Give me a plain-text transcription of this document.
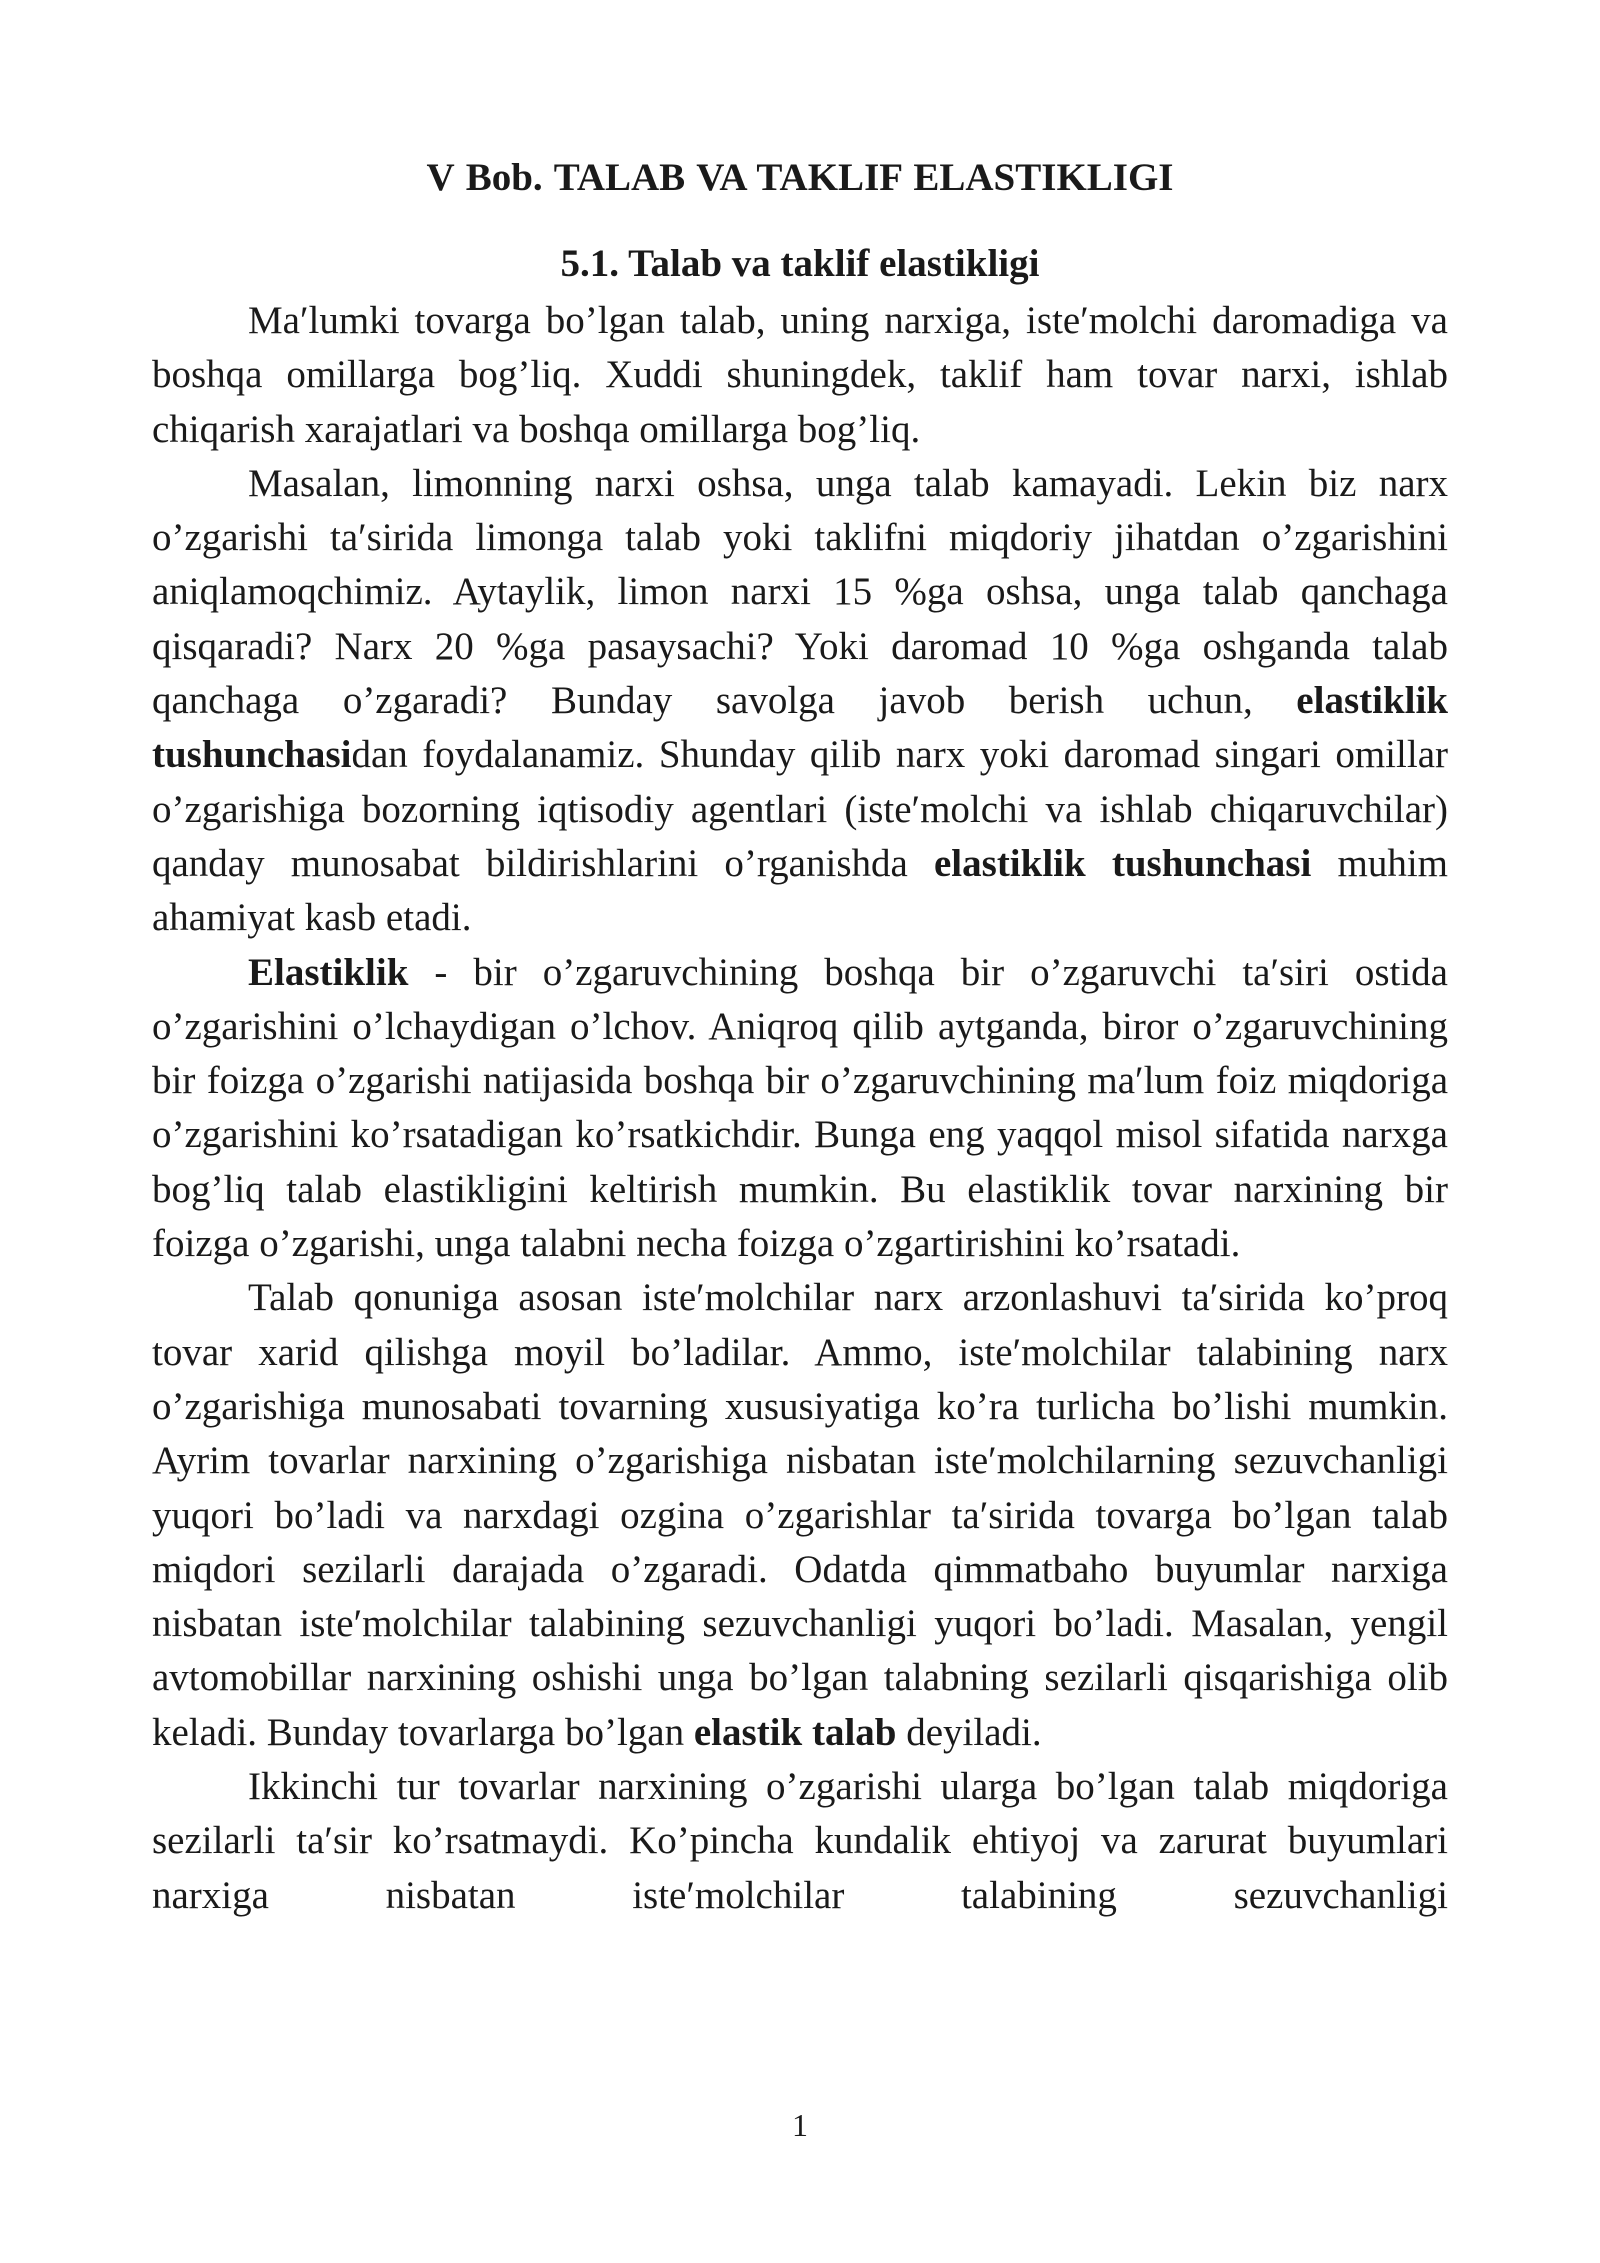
V Bob. TALAB VA TAKLIF ELASTIKLIGI
5.1. Talab va taklif elastikligi

Ma′lumki tovarga bo’lgan talab, uning narxiga, iste′molchi daromadiga va boshqa omillarga bog’liq. Xuddi shuningdek, taklif ham tovar narxi, ishlab chiqarish xarajatlari va boshqa omillarga bog’liq.

Masalan, limonning narxi oshsa, unga talab kamayadi. Lekin biz narx o’zgarishi ta′sirida limonga talab yoki taklifni miqdoriy jihatdan o’zgarishini aniqlamoqchimiz. Aytaylik, limon narxi 15 %ga oshsa, unga talab qanchaga qisqaradi? Narx 20 %ga pasaysachi? Yoki daromad 10 %ga oshganda talab qanchaga o’zgaradi? Bunday savolga javob berish uchun, elastiklik tushunchasidan foydalanamiz. Shunday qilib narx yoki daromad singari omillar o’zgarishiga bozorning iqtisodiy agentlari (iste′molchi va ishlab chiqaruvchilar) qanday munosabat bildirishlarini o’rganishda elastiklik tushunchasi muhim ahamiyat kasb etadi.

Elastiklik - bir o’zgaruvchining boshqa bir o’zgaruvchi ta′siri ostida o’zgarishini o’lchaydigan o’lchov. Aniqroq qilib aytganda, biror o’zgaruvchining bir foizga o’zgarishi natijasida boshqa bir o’zgaruvchining ma′lum foiz miqdoriga o’zgarishini ko’rsatadigan ko’rsatkichdir. Bunga eng yaqqol misol sifatida narxga bog’liq talab elastikligini keltirish mumkin. Bu elastiklik tovar narxining bir foizga o’zgarishi, unga talabni necha foizga o’zgartirishini ko’rsatadi.

Talab qonuniga asosan iste′molchilar narx arzonlashuvi ta′sirida ko’proq tovar xarid qilishga moyil bo’ladilar. Ammo, iste′molchilar talabining narx o’zgarishiga munosabati tovarning xususiyatiga ko’ra turlicha bo’lishi mumkin. Ayrim tovarlar narxining o’zgarishiga nisbatan iste′molchilarning sezuvchanligi yuqori bo’ladi va narxdagi ozgina o’zgarishlar ta′sirida tovarga bo’lgan talab miqdori sezilarli darajada o’zgaradi. Odatda qimmatbaho buyumlar narxiga nisbatan iste′molchilar talabining sezuvchanligi yuqori bo’ladi. Masalan, yengil avtomobillar narxining oshishi unga bo’lgan talabning sezilarli qisqarishiga olib keladi. Bunday tovarlarga bo’lgan elastik talab deyiladi.

Ikkinchi tur tovarlar narxining o’zgarishi ularga bo’lgan talab miqdoriga sezilarli ta′sir ko’rsatmaydi. Ko’pincha kundalik ehtiyoj va zarurat buyumlari narxiga nisbatan iste′molchilar talabining sezuvchanligi

1
